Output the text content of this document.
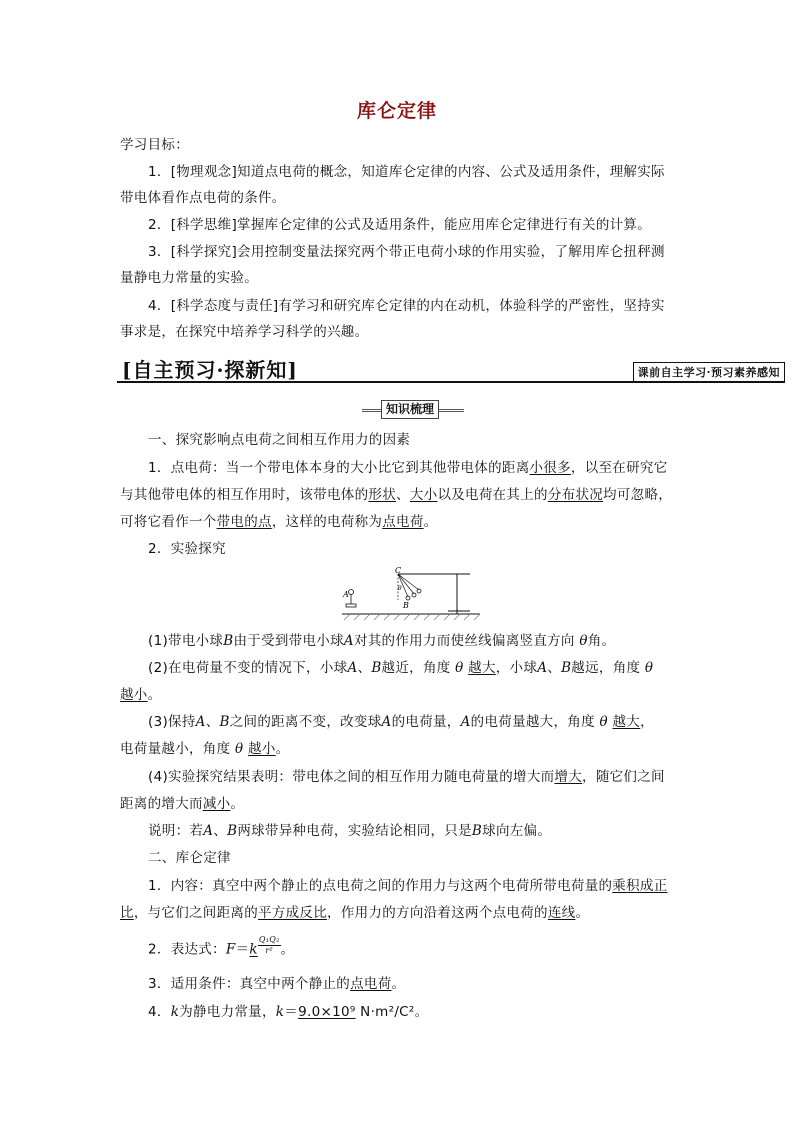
库仑定律
学习目标：
1．[物理观念]知道点电荷的概念，知道库仑定律的内容、公式及适用条件，理解实际
带电体看作点电荷的条件。
2．[科学思维]掌握库仑定律的公式及适用条件，能应用库仑定律进行有关的计算。
3．[科学探究]会用控制变量法探究两个带正电荷小球的作用实验，了解用库仑扭秤测
量静电力常量的实验。
4．[科学态度与责任]有学习和研究库仑定律的内在动机，体验科学的严密性，坚持实
事求是，在探究中培养学习科学的兴趣。
[自主预习·探新知]	课前自主学习·预习素养感知
知识梳理
一、探究影响点电荷之间相互作用力的因素
1．点电荷：当一个带电体本身的大小比它到其他带电体的距离小很多，以至在研究它
与其他带电体的相互作用时，该带电体的形状、大小以及电荷在其上的分布状况均可忽略，
可将它看作一个带电的点，这样的电荷称为点电荷。
2．实验探究
A
C
θ
B
(1)带电小球B由于受到带电小球A对其的作用力而使丝线偏离竖直方向 θ角。
(2)在电荷量不变的情况下，小球A、B越近，角度 θ 越大，小球A、B越远，角度 θ
越小。
(3)保持A、B之间的距离不变，改变球A的电荷量，A的电荷量越大，角度 θ 越大，
电荷量越小，角度 θ 越小。
(4)实验探究结果表明：带电体之间的相互作用力随电荷量的增大而增大，随它们之间
距离的增大而减小。
说明：若A、B两球带异种电荷，实验结论相同，只是B球向左偏。
二、库仑定律
1．内容：真空中两个静止的点电荷之间的作用力与这两个电荷所带电荷量的乘积成正
比，与它们之间距离的平方成反比，作用力的方向沿着这两个点电荷的连线。
2．表达式：$F=k \frac{\text{Q₁Q₂}}{\text{r²}}$ 。
3．适用条件：真空中两个静止的点电荷。
4．k为静电力常量，k＝9.0×10⁹ N·m²/C²。
